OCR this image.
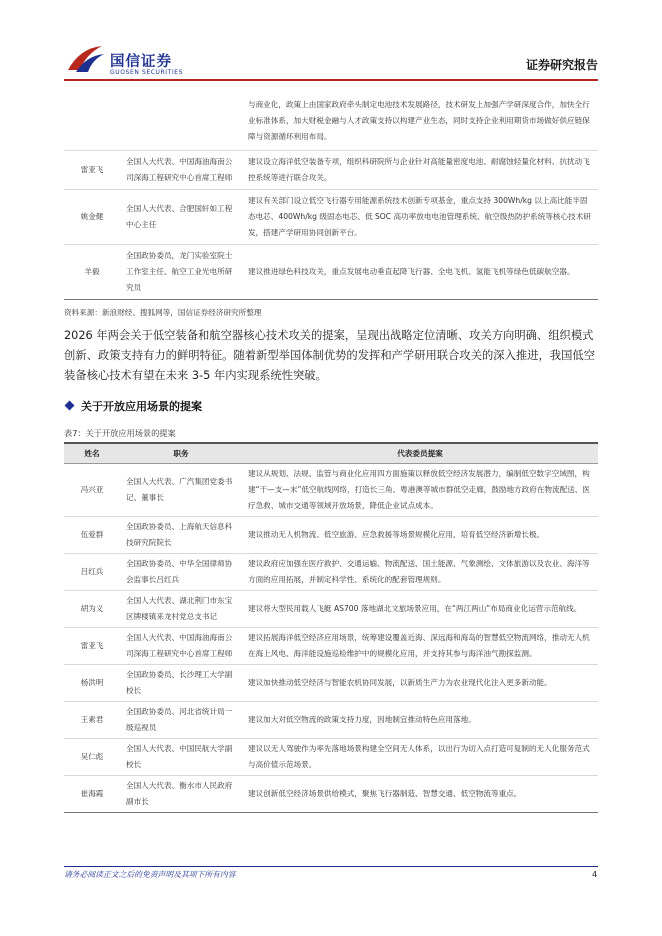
国信证券
GUOSEN SECURITIES
证券研究报告
		与商业化，政策上由国家政府牵头制定电池技术发展路径，技术研发上加强产学研深度合作，加快全行业标准体系，加大财税金融与人才政策支持以构建产业生态，同时支持企业利用期货市场做好供应链保障与资源循环利用布局。
雷亚飞	全国人大代表、中国海油海南公司深海工程研究中心首席工程师	建议设立海洋低空装备专项，组织科研院所与企业针对高能量密度电池、耐腐蚀轻量化材料、抗扰动飞控系统等进行联合攻关。
姚金健	全国人大代表、合肥国轩如工程中心主任	建议有关部门设立低空飞行器专用能源系统技术创新专项基金，重点支持 300Wh/kg 以上高比能半固态电芯、400Wh/kg 级固态电芯、低 SOC 高功率放电电池管理系统、航空级热防护系统等核心技术研发，搭建产学研用协同创新平台。
羊毅	全国政协委员，龙门实验室院士工作室主任、航空工业光电所研究员	建议推进绿色科技攻关，重点发展电动垂直起降飞行器、全电飞机、氢能飞机等绿色低碳航空器。
资料来源：新浪财经、搜狐网等，国信证券经济研究所整理

2026 年两会关于低空装备和航空器核心技术攻关的提案，呈现出战略定位清晰、攻关方向明确、组织模式创新、政策支持有力的鲜明特征。随着新型举国体制优势的发挥和产学研用联合攻关的深入推进，我国低空装备核心技术有望在未来 3-5 年内实现系统性突破。

关于开放应用场景的提案
表7：关于开放应用场景的提案
姓名	职务	代表委员提案
冯兴亚	全国人大代表、广汽集团党委书记、董事长	建议从规划、法规、监管与商业化应用四方面施策以释放低空经济发展潜力，编制低空数字空域图，构建“干—支—末”低空航线网络，打造长三角、粤港澳等城市群低空走廊，鼓励地方政府在物流配送、医疗急救、城市交通等领域开放场景，降低企业试点成本。
伍爱群	全国政协委员、上海航天信息科技研究院院长	建议推动无人机物流、低空旅游、应急救援等场景规模化应用，培育低空经济新增长极。
吕红兵	全国政协委员、中华全国律师协会监事长吕红兵	建议政府应加强在医疗救护、交通运输、物流配送、国土能源、气象测绘、文体旅游以及农业、海洋等方面的应用拓展，并制定科学性、系统化的配套管理规则。
胡为义	全国人大代表、湖北荆门市东宝区牌楼镇来龙村党总支书记	建议将大型民用载人飞艇 AS700 落地湖北文旅场景应用，在“两江两山”布局商业化运营示范航线。
雷亚飞	全国人大代表、中国海油海南公司深海工程研究中心首席工程师	建议拓展海洋低空经济应用场景，统筹建设覆盖近海、深远海和海岛的智慧低空物流网络，推动无人机在海上风电、海洋能设施巡检维护中的规模化应用，并支持其参与海洋油气勘探监测。
杨洪明	全国政协委员、长沙理工大学副校长	建议加快推动低空经济与智能农机协同发展，以新质生产力为农业现代化注入更多新动能。
王素君	全国政协委员、河北省统计局一级巡视员	建议加大对低空物流的政策支持力度，因地制宜推动特色应用落地。
吴仁彪	全国人大代表、中国民航大学副校长	建议以无人驾驶作为率先落地场景构建全空间无人体系，以出行为切入点打造可复制的无人化服务范式与高价值示范场景。
崔海霞	全国人大代表、衡水市人民政府副市长	建议创新低空经济场景供给模式，聚焦飞行器制造、智慧交通、低空物流等重点。
请务必阅读正文之后的免责声明及其项下所有内容	4
